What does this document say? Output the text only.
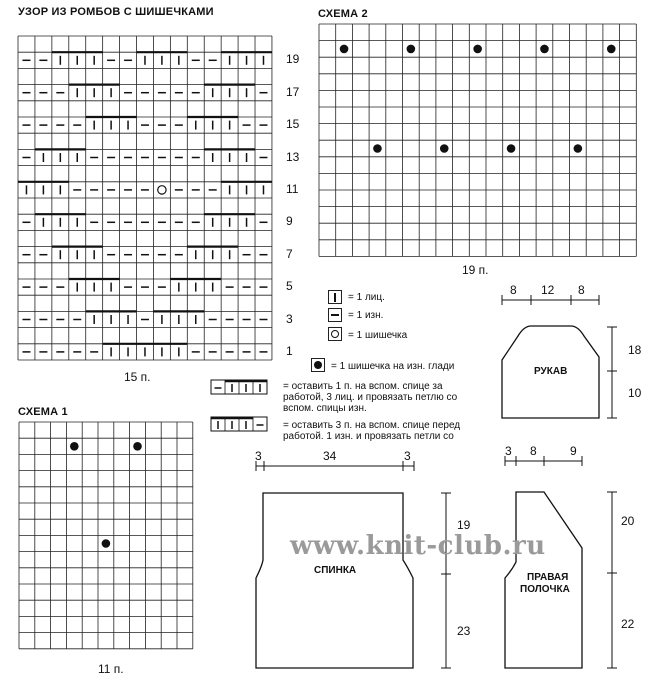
УЗОР ИЗ РОМБОВ С ШИШЕЧКАМИ
19
17
15
13
11
9
7
5
3
1
15 п.
СХЕМА 2
19 п.
СХЕМА 1
11 п.
= 1 лиц.
= 1 изн.
= 1 шишечка
= 1 шишечка на изн. глади
= оставить 1 п. на вспом. спице за
работой, 3 лиц. и провязать петлю со
вспом. спицы изн.
= оставить 3 п. на вспом. спице перед
работой. 1 изн. и провязать петли со
РУКАВ
8 12 8
18
10
СПИНКА
3	34	3
19
23
ПРАВАЯ
ПОЛОЧКА
3 8	9
20
22
www.knit-club.ru
